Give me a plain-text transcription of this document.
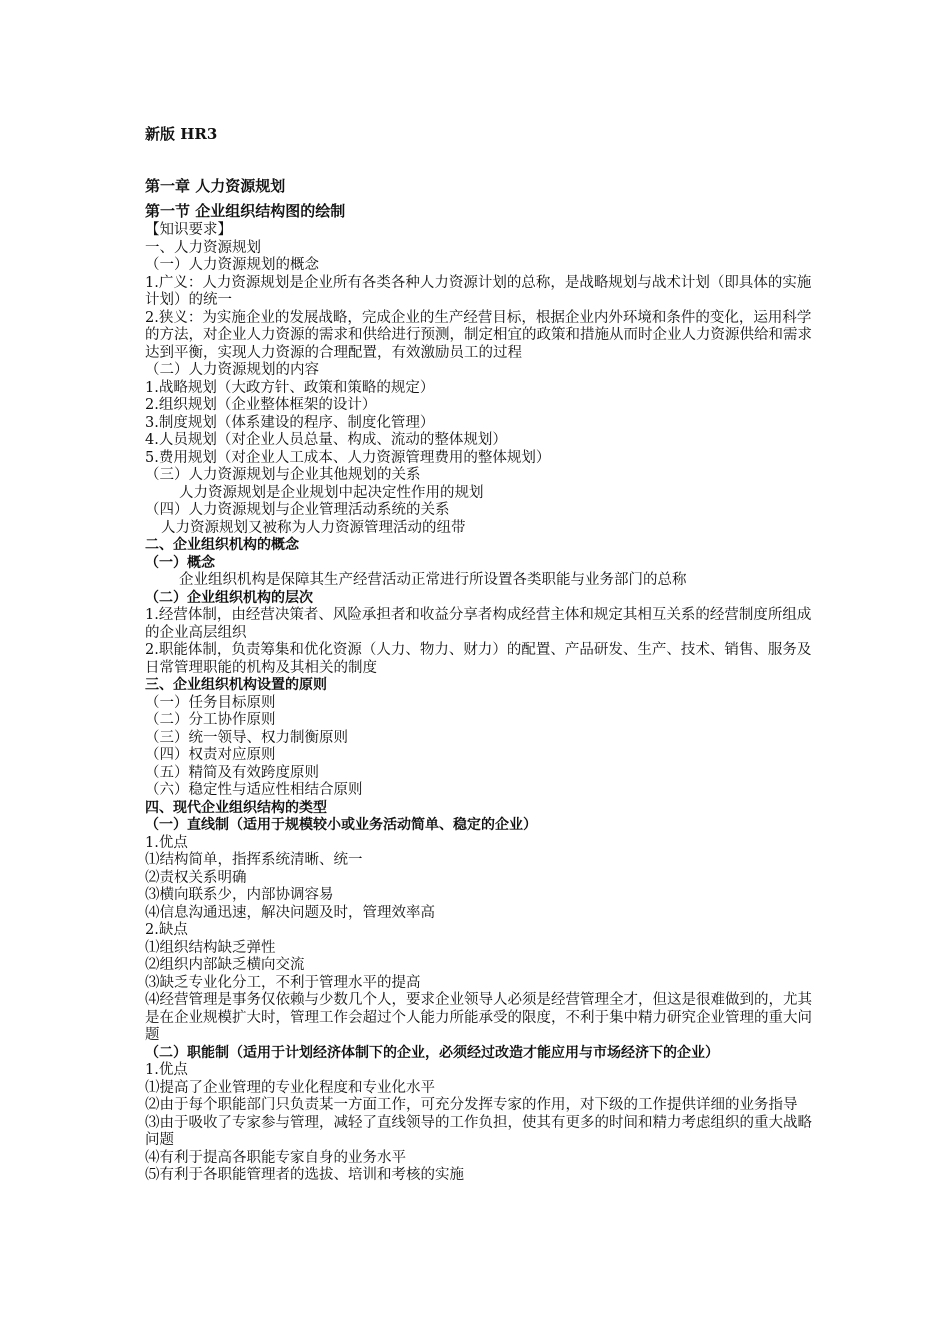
新版 HR3
第一章 人力资源规划
第一节 企业组织结构图的绘制

【知识要求】

一、人力资源规划

（一）人力资源规划的概念

1.广义：人力资源规划是企业所有各类各种人力资源计划的总称，是战略规划与战术计划（即具体的实施计划）的统一

2.狭义：为实施企业的发展战略，完成企业的生产经营目标，根据企业内外环境和条件的变化，运用科学的方法，对企业人力资源的需求和供给进行预测，制定相宜的政策和措施从而时企业人力资源供给和需求达到平衡，实现人力资源的合理配置，有效激励员工的过程

（二）人力资源规划的内容

1.战略规划（大政方针、政策和策略的规定）

2.组织规划（企业整体框架的设计）

3.制度规划（体系建设的程序、制度化管理）

4.人员规划（对企业人员总量、构成、流动的整体规划）

5.费用规划（对企业人工成本、人力资源管理费用的整体规划）

（三）人力资源规划与企业其他规划的关系

人力资源规划是企业规划中起决定性作用的规划

（四）人力资源规划与企业管理活动系统的关系

人力资源规划又被称为人力资源管理活动的纽带

二、企业组织机构的概念

（一）概念

企业组织机构是保障其生产经营活动正常进行所设置各类职能与业务部门的总称

（二）企业组织机构的层次

1.经营体制，由经营决策者、风险承担者和收益分享者构成经营主体和规定其相互关系的经营制度所组成的企业高层组织

2.职能体制，负责筹集和优化资源（人力、物力、财力）的配置、产品研发、生产、技术、销售、服务及日常管理职能的机构及其相关的制度

三、企业组织机构设置的原则

（一）任务目标原则

（二）分工协作原则

（三）统一领导、权力制衡原则

（四）权责对应原则

（五）精简及有效跨度原则

（六）稳定性与适应性相结合原则

四、现代企业组织结构的类型

（一）直线制（适用于规模较小或业务活动简单、稳定的企业）

1.优点

⑴结构简单，指挥系统清晰、统一

⑵责权关系明确

⑶横向联系少，内部协调容易

⑷信息沟通迅速，解决问题及时，管理效率高

2.缺点

⑴组织结构缺乏弹性

⑵组织内部缺乏横向交流

⑶缺乏专业化分工，不利于管理水平的提高

⑷经营管理是事务仅依赖与少数几个人，要求企业领导人必须是经营管理全才，但这是很难做到的，尤其是在企业规模扩大时，管理工作会超过个人能力所能承受的限度，不利于集中精力研究企业管理的重大问题

（二）职能制（适用于计划经济体制下的企业，必须经过改造才能应用与市场经济下的企业）

1.优点

⑴提高了企业管理的专业化程度和专业化水平

⑵由于每个职能部门只负责某一方面工作，可充分发挥专家的作用，对下级的工作提供详细的业务指导

⑶由于吸收了专家参与管理，减轻了直线领导的工作负担，使其有更多的时间和精力考虑组织的重大战略问题

⑷有利于提高各职能专家自身的业务水平

⑸有利于各职能管理者的选拔、培训和考核的实施
